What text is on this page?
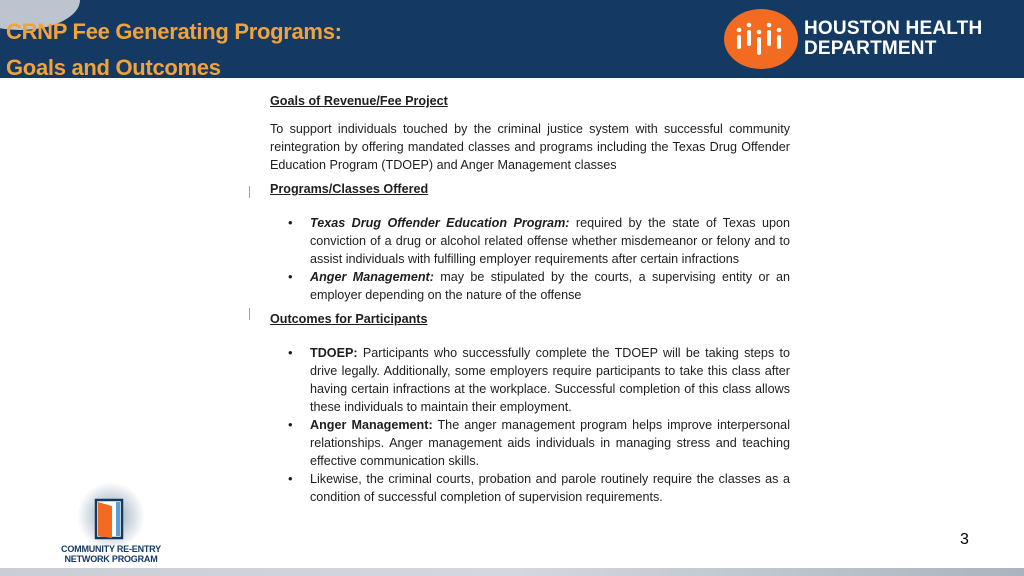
CRNP Fee Generating Programs:
Goals and Outcomes
HOUSTON HEALTH
DEPARTMENT

Goals of Revenue/Fee Project

To support individuals touched by the criminal justice system with successful community reintegration by offering mandated classes and programs including the Texas Drug Offender Education Program (TDOEP) and Anger Management classes

Programs/Classes Offered

• Texas Drug Offender Education Program: required by the state of Texas upon conviction of a drug or alcohol related offense whether misdemeanor or felony and to assist individuals with fulfilling employer requirements after certain infractions
• Anger Management: may be stipulated by the courts, a supervising entity or an employer depending on the nature of the offense

Outcomes for Participants

• TDOEP: Participants who successfully complete the TDOEP will be taking steps to drive legally. Additionally, some employers require participants to take this class after having certain infractions at the workplace. Successful completion of this class allows these individuals to maintain their employment.
• Anger Management: The anger management program helps improve interpersonal relationships. Anger management aids individuals in managing stress and teaching effective communication skills.
• Likewise, the criminal courts, probation and parole routinely require the classes as a condition of successful completion of supervision requirements.
COMMUNITY RE-ENTRY
NETWORK PROGRAM
3
